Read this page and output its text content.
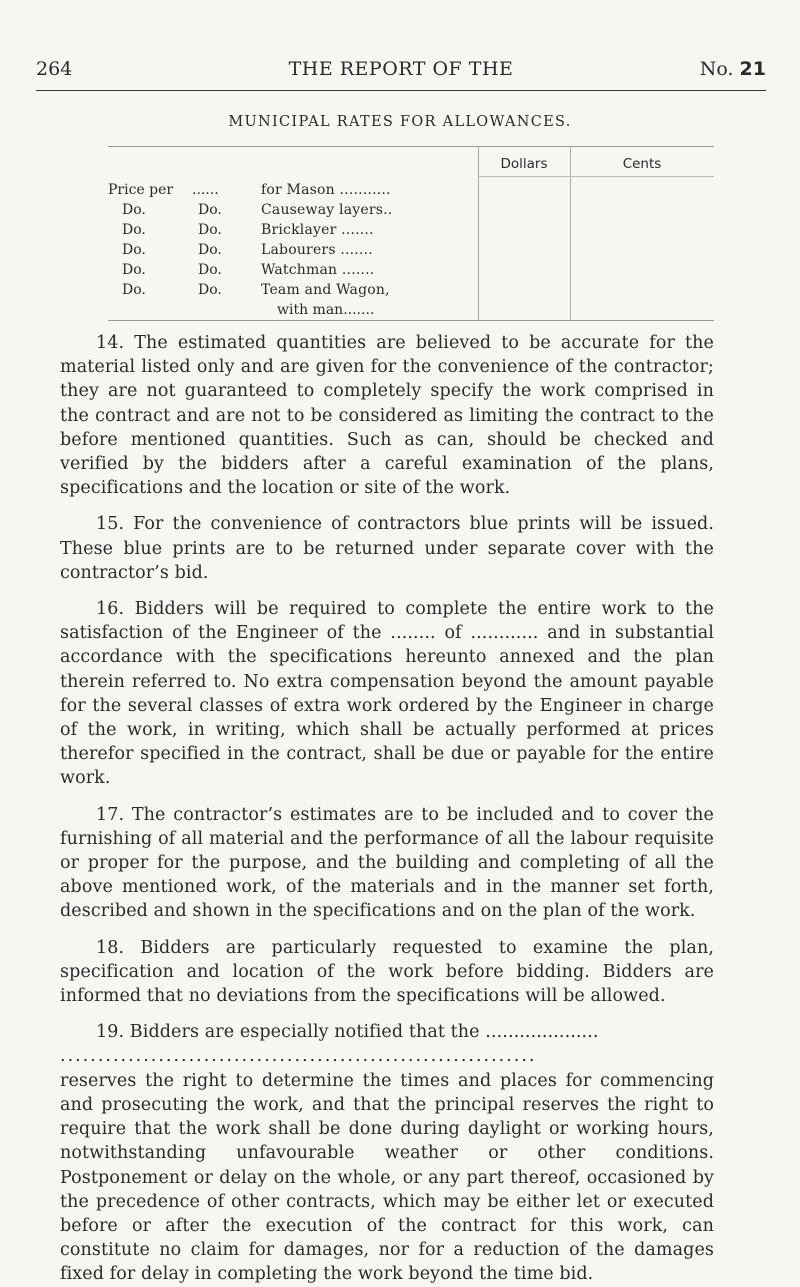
264	THE REPORT OF THE	No. 21
MUNICIPAL RATES FOR ALLOWANCES.
Dollars	Cents
Price per ......	for Mason ...........
Do.	Do.	Causeway layers..
Do.	Do.	Bricklayer .......
Do.	Do.	Labourers .......
Do.	Do.	Watchman .......
Do.	Do.	Team and Wagon,
with man.......

14. The estimated quantities are believed to be accurate for the material listed only and are given for the convenience of the contractor; they are not guaranteed to completely specify the work comprised in the contract and are not to be considered as limiting the contract to the before mentioned quantities. Such as can, should be checked and verified by the bidders after a careful examination of the plans, specifications and the location or site of the work.

15. For the convenience of contractors blue prints will be issued. These blue prints are to be returned under separate cover with the contractor’s bid.

16. Bidders will be required to complete the entire work to the satisfaction of the Engineer of the ........ of ............ and in substantial accordance with the specifications hereunto annexed and the plan therein referred to. No extra compensation beyond the amount payable for the several classes of extra work ordered by the Engineer in charge of the work, in writing, which shall be actually performed at prices therefor specified in the contract, shall be due or payable for the entire work.

17. The contractor’s estimates are to be included and to cover the furnishing of all material and the performance of all the labour requisite or proper for the purpose, and the building and completing of all the above mentioned work, of the materials and in the manner set forth, described and shown in the specifications and on the plan of the work.

18. Bidders are particularly requested to examine the plan, specification and location of the work before bidding. Bidders are informed that no deviations from the specifications will be allowed.

19. Bidders are especially notified that the ....................

...............................................................

reserves the right to determine the times and places for commencing and prosecuting the work, and that the principal reserves the right to require that the work shall be done during daylight or working hours, notwithstanding unfavourable weather or other conditions. Postponement or delay on the whole, or any part thereof, occasioned by the precedence of other contracts, which may be either let or executed before or after the execution of the contract for this work, can constitute no claim for damages, nor for a reduction of the damages fixed for delay in completing the work beyond the time bid.
